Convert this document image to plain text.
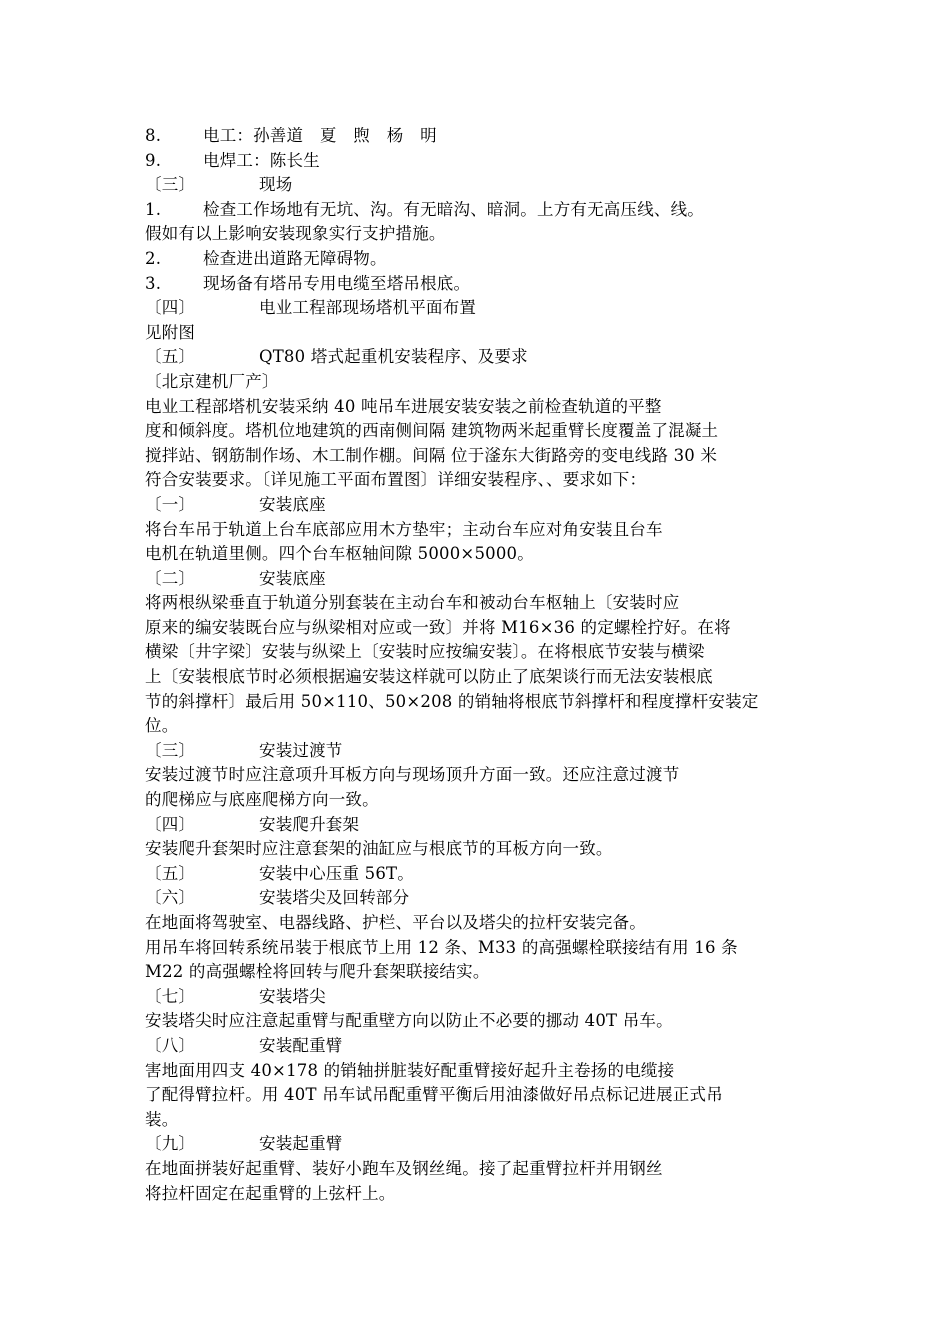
8.	电工：孙善道　夏　煦　杨　明
9.	电焊工：陈长生
〔三〕	现场
1.	检查工作场地有无坑、沟。有无暗沟、暗洞。上方有无高压线、线。
假如有以上影响安装现象实行支护措施。
2.	检查进出道路无障碍物。
3.	现场备有塔吊专用电缆至塔吊根底。
〔四〕	电业工程部现场塔机平面布置
见附图
〔五〕	QT80 塔式起重机安装程序、及要求
〔北京建机厂产〕
电业工程部塔机安装采纳 40 吨吊车进展安装安装之前检查轨道的平整
度和倾斜度。塔机位地建筑的西南侧间隔 建筑物两米起重臂长度覆盖了混凝土
搅拌站、钢筋制作场、木工制作棚。间隔 位于滏东大街路旁的变电线路 30 米
符合安装要求。〔详见施工平面布置图〕详细安装程序、、要求如下：
〔一〕	安装底座
将台车吊于轨道上台车底部应用木方垫牢；主动台车应对角安装且台车
电机在轨道里侧。四个台车枢轴间隙 5000×5000。
〔二〕	安装底座
将两根纵梁垂直于轨道分别套装在主动台车和被动台车枢轴上〔安装时应
原来的编安装既台应与纵梁相对应或一致〕并将 M16×36 的定螺栓拧好。在将
横梁〔井字梁〕安装与纵梁上〔安装时应按编安装〕。在将根底节安装与横梁
上〔安装根底节时必须根据遍安装这样就可以防止了底架谈行而无法安装根底
节的斜撑杆〕最后用 50×110、50×208 的销轴将根底节斜撑杆和程度撑杆安装定
位。
〔三〕	安装过渡节
安装过渡节时应注意项升耳板方向与现场顶升方面一致。还应注意过渡节
的爬梯应与底座爬梯方向一致。
〔四〕	安装爬升套架
安装爬升套架时应注意套架的油缸应与根底节的耳板方向一致。
〔五〕	安装中心压重 56T。
〔六〕	安装塔尖及回转部分
在地面将驾驶室、电器线路、护栏、平台以及塔尖的拉杆安装完备。
用吊车将回转系统吊装于根底节上用 12 条、M33 的高强螺栓联接结有用 16 条
M22 的高强螺栓将回转与爬升套架联接结实。
〔七〕	安装塔尖
安装塔尖时应注意起重臂与配重壁方向以防止不必要的挪动 40T 吊车。
〔八〕	安装配重臂
害地面用四支 40×178 的销轴拼脏装好配重臂接好起升主卷扬的电缆接
了配得臂拉杆。用 40T 吊车试吊配重臂平衡后用油漆做好吊点标记进展正式吊
装。
〔九〕	安装起重臂
在地面拼装好起重臂、装好小跑车及钢丝绳。接了起重臂拉杆并用钢丝
将拉杆固定在起重臂的上弦杆上。
